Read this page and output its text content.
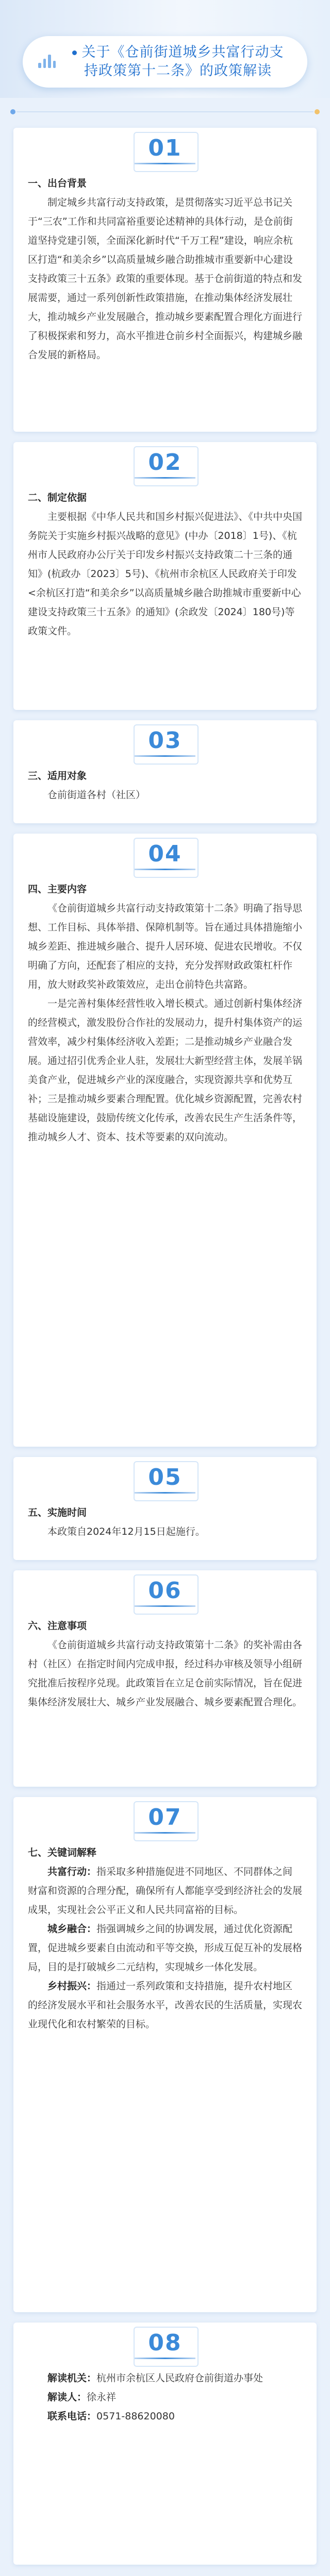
关于《仓前街道城乡共富行动支
持政策第十二条》的政策解读
01

一、出台背景

制定城乡共富行动支持政策，是贯彻落实习近平总书记关于“三农”工作和共同富裕重要论述精神的具体行动，是仓前街道坚持党建引领，全面深化新时代“千万工程”建设，响应余杭区打造“和美余乡”以高质量城乡融合助推城市重要新中心建设支持政策三十五条》政策的重要体现。基于仓前街道的特点和发展需要，通过一系列创新性政策措施，在推动集体经济发展壮大，推动城乡产业发展融合，推动城乡要素配置合理化方面进行了积极探索和努力，高水平推进仓前乡村全面振兴，构建城乡融合发展的新格局。

02

二、制定依据

主要根据《中华人民共和国乡村振兴促进法》、《中共中央国务院关于实施乡村振兴战略的意见》(中办〔2018〕1号)、《杭州市人民政府办公厅关于印发乡村振兴支持政策二十三条的通知》(杭政办〔2023〕5号)、《杭州市余杭区人民政府关于印发<余杭区打造“和美余乡”以高质量城乡融合助推城市重要新中心建设支持政策三十五条》的通知》(余政发〔2024〕180号)等政策文件。

03

三、适用对象

仓前街道各村（社区）

04

四、主要内容

《仓前街道城乡共富行动支持政策第十二条》明确了指导思想、工作目标、具体举措、保障机制等。旨在通过具体措施缩小城乡差距、推进城乡融合、提升人居环境、促进农民增收。不仅明确了方向，还配套了相应的支持，充分发挥财政政策杠杆作用，放大财政奖补政策效应，走出仓前特色共富路。

一是完善村集体经营性收入增长模式。通过创新村集体经济的经营模式，激发股份合作社的发展动力，提升村集体资产的运营效率，减少村集体经济收入差距；二是推动城乡产业融合发展。通过招引优秀企业人驻，发展壮大新型经营主体，发展羊锅美食产业，促进城乡产业的深度融合，实现资源共享和优势互补；三是推动城乡要素合理配置。优化城乡资源配置，完善农村基础设施建设，鼓励传统文化传承，改善农民生产生活条件等，推动城乡人才、资本、技术等要素的双向流动。

05

五、实施时间

本政策自2024年12月15日起施行。

06

六、注意事项

《仓前街道城乡共富行动支持政策第十二条》的奖补需由各村（社区）在指定时间内完成申报，经过科办审核及领导小组研究批准后按程序兑现。此政策旨在立足仓前实际情况，旨在促进集体经济发展壮大、城乡产业发展融合、城乡要素配置合理化。

07

七、关键词解释

共富行动：指采取多种措施促进不同地区、不同群体之间财富和资源的合理分配，确保所有人都能享受到经济社会的发展成果，实现社会公平正义和人民共同富裕的目标。

城乡融合：指强调城乡之间的协调发展，通过优化资源配置，促进城乡要素自由流动和平等交换，形成互促互补的发展格局，目的是打破城乡二元结构，实现城乡一体化发展。

乡村振兴：指通过一系列政策和支持措施，提升农村地区的经济发展水平和社会服务水平，改善农民的生活质量，实现农业现代化和农村繁荣的目标。

08

解读机关：杭州市余杭区人民政府仓前街道办事处

解读人：徐永祥

联系电话：0571-88620080
